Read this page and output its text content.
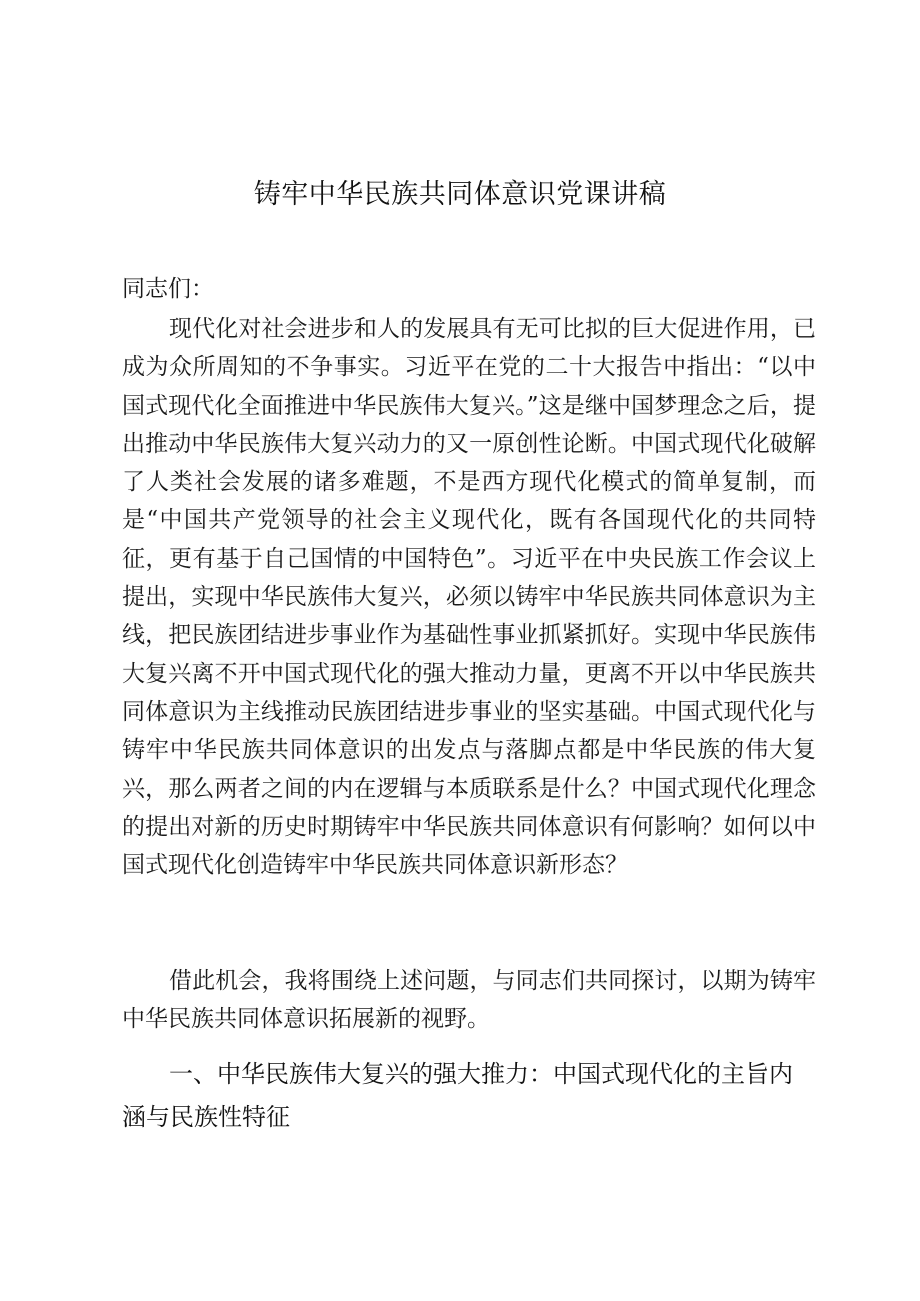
铸牢中华民族共同体意识党课讲稿
同志们：
现代化对社会进步和人的发展具有无可比拟的巨大促进作用，已成为众所周知的不争事实。习近平在党的二十大报告中指出：“以中国式现代化全面推进中华民族伟大复兴。”这是继中国梦理念之后，提出推动中华民族伟大复兴动力的又一原创性论断。中国式现代化破解了人类社会发展的诸多难题，不是西方现代化模式的简单复制，而是“中国共产党领导的社会主义现代化，既有各国现代化的共同特征，更有基于自己国情的中国特色”。习近平在中央民族工作会议上提出，实现中华民族伟大复兴，必须以铸牢中华民族共同体意识为主线，把民族团结进步事业作为基础性事业抓紧抓好。实现中华民族伟大复兴离不开中国式现代化的强大推动力量，更离不开以中华民族共同体意识为主线推动民族团结进步事业的坚实基础。中国式现代化与铸牢中华民族共同体意识的出发点与落脚点都是中华民族的伟大复兴，那么两者之间的内在逻辑与本质联系是什么？中国式现代化理念的提出对新的历史时期铸牢中华民族共同体意识有何影响？如何以中国式现代化创造铸牢中华民族共同体意识新形态？
借此机会，我将围绕上述问题，与同志们共同探讨，以期为铸牢中华民族共同体意识拓展新的视野。
一、中华民族伟大复兴的强大推力：中国式现代化的主旨内涵与民族性特征
